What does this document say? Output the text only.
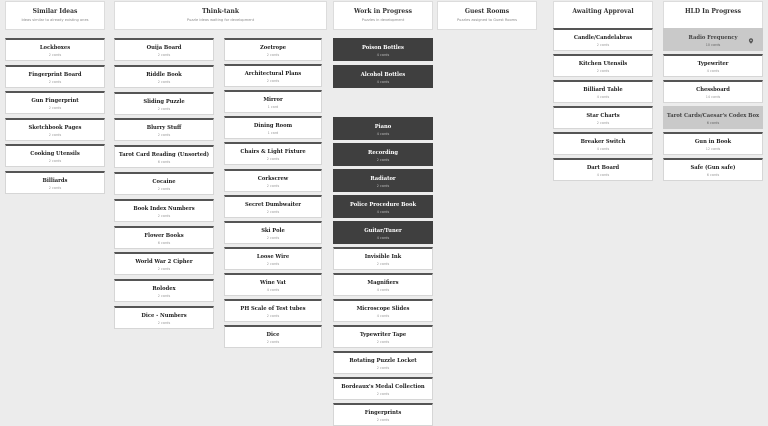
Similar Ideas
Ideas similar to already existing ones
Think-tank
Puzzle ideas waiting for development
Work in Progress
Puzzles in development
Guest Rooms
Puzzles assigned to Guest Rooms
Awaiting Approval	HLD In Progress
Lockboxes
2 cards
Fingerprint Board
2 cards
Gun Fingerprint
2 cards
Sketchbook Pages
2 cards
Cooking Utensils
2 cards
Billiards
2 cards
Ouija Board
2 cards
Riddle Book
2 cards
Sliding Puzzle
2 cards
Blurry Stuff
2 cards
Tarot Card Reading (Unsorted)
6 cards
Cocaine
2 cards
Book Index Numbers
2 cards
Flower Books
6 cards
World War 2 Cipher
2 cards
Rolodex
2 cards
Dice - Numbers
2 cards
Zoetrope
2 cards
Architectural Plans
2 cards
Mirror
1 card
Dining Room
1 card
Chairs & Light Fixture
2 cards
Corkscrew
2 cards
Secret Dumbwaiter
2 cards
Ski Pole
2 cards
Loose Wire
2 cards
Wine Vat
4 cards
PH Scale of Test tubes
2 cards
Dice
2 cards
Poison Bottles
4 cards
Alcohol Bottles
4 cards
Piano
4 cards
Recording
2 cards
Radiator
2 cards
Police Procedure Book
4 cards
Guitar/Tuner
4 cards
Invisible Ink
2 cards
Magnifiers
4 cards
Microscope Slides
4 cards
Typewriter Tape
2 cards
Rotating Puzzle Locket
2 cards
Bordeaux's Medal Collection
2 cards
Fingerprints
2 cards
Candle/Candelabras
2 cards
Kitchen Utensils
2 cards
Billiard Table
4 cards
Star Charts
2 cards
Breaker Switch
4 cards
Dart Board
4 cards
Radio Frequency
10 cards
Typewriter
4 cards
Chessboard
14 cards
Tarot Cards/Caesar's Codex Box
6 cards
Gun in Book
12 cards
Safe (Gun safe)
6 cards
